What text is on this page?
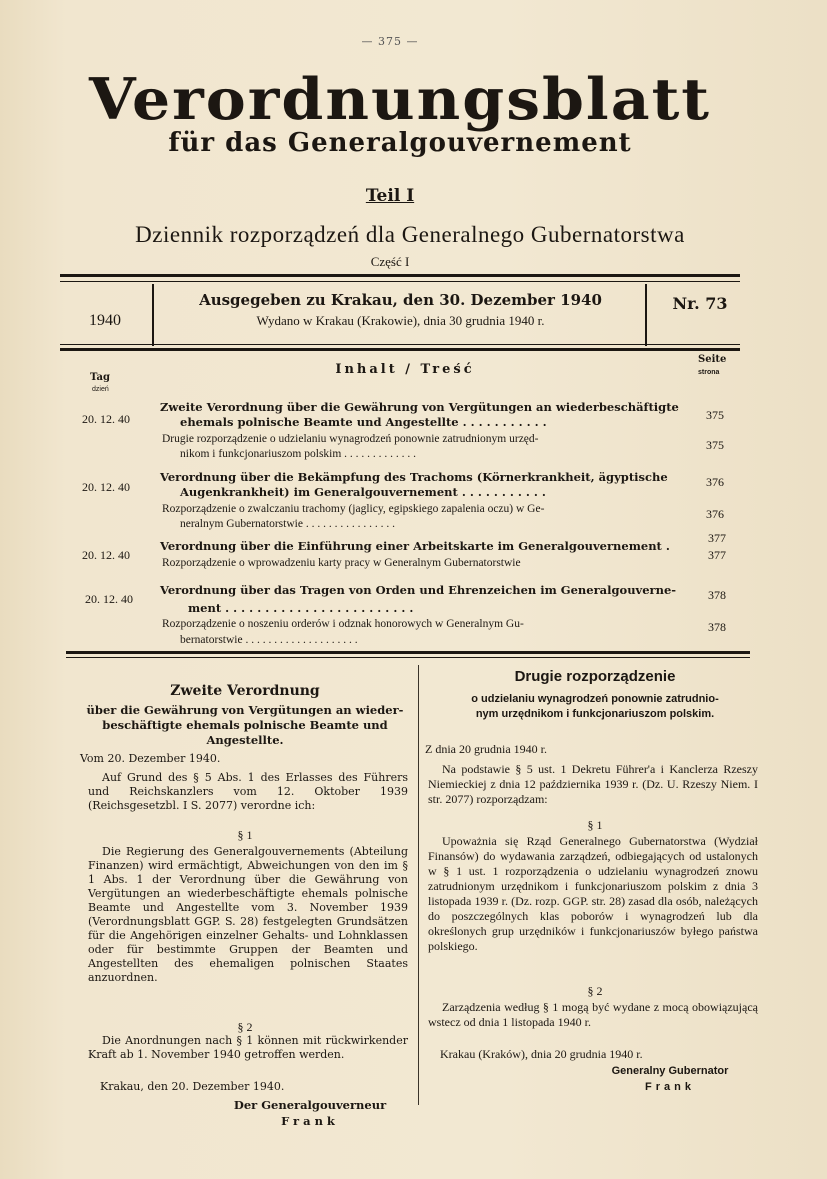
— 375 —
Verordnungsblatt
für das Generalgouvernement
Teil I
Dziennik rozporządzeń dla Generalnego Gubernatorstwa
Część I
1940
Ausgegeben zu Krakau, den 30. Dezember 1940
Wydano w Krakau (Krakowie), dnia 30 grudnia 1940 r.
Nr. 73
Tag
dzień
Inhalt / Treść
Seite
strona
20. 12. 40
Zweite Verordnung über die Gewährung von Vergütungen an wiederbeschäftigte
ehemals polnische Beamte und Angestellte . . . . . . . . . . .	375
Drugie rozporządzenie o udzielaniu wynagrodzeń ponownie zatrudnionym urzęd-
nikom i funkcjonariuszom polskim . . . . . . . . . . . . .
375
20. 12. 40
Verordnung über die Bekämpfung des Trachoms (Körnerkrankheit, ägyptische
Augenkrankheit) im Generalgouvernement . . . . . . . . . . .
376
Rozporządzenie o zwalczaniu trachomy (jaglicy, egipskiego zapalenia oczu) w Ge-
neralnym Gubernatorstwie . . . . . . . . . . . . . . . .
376
20. 12. 40
Verordnung über die Einführung einer Arbeitskarte im Generalgouvernement .
377
Rozporządzenie o wprowadzeniu karty pracy w Generalnym Gubernatorstwie
377
20. 12. 40
Verordnung über das Tragen von Orden und Ehrenzeichen im Generalgouverne-
ment . . . . . . . . . . . . . . . . . . . . . . . .
378
Rozporządzenie o noszeniu orderów i odznak honorowych w Generalnym Gu-
bernatorstwie . . . . . . . . . . . . . . . . . . . .
378
Zweite Verordnung
über die Gewährung von Vergütungen an wieder-
beschäftigte ehemals polnische Beamte und
Angestellte.
Vom 20. Dezember 1940.
Auf Grund des § 5 Abs. 1 des Erlasses des Führers und Reichskanzlers vom 12. Oktober 1939 (Reichsgesetzbl. I S. 2077) verordne ich:
§ 1
Die Regierung des Generalgouvernements (Abteilung Finanzen) wird ermächtigt, Abweichungen von den im § 1 Abs. 1 der Verordnung über die Gewährung von Vergütungen an wiederbeschäftigte ehemals polnische Beamte und Angestellte vom 3. November 1939 (Verordnungsblatt GGP. S. 28) festgelegten Grundsätzen für die Angehörigen einzelner Gehalts- und Lohnklassen oder für bestimmte Gruppen der Beamten und Angestellten des ehemaligen polnischen Staates anzuordnen.
§ 2
Die Anordnungen nach § 1 können mit rückwirkender Kraft ab 1. November 1940 getroffen werden.
Krakau, den 20. Dezember 1940.
Der Generalgouverneur
Frank
Drugie rozporządzenie
o udzielaniu wynagrodzeń ponownie zatrudnio-
nym urzędnikom i funkcjonariuszom polskim.
Z dnia 20 grudnia 1940 r.
Na podstawie § 5 ust. 1 Dekretu Führer'a i Kanclerza Rzeszy Niemieckiej z dnia 12 października 1939 r. (Dz. U. Rzeszy Niem. I str. 2077) rozporządzam:
§ 1
Upoważnia się Rząd Generalnego Gubernatorstwa (Wydział Finansów) do wydawania zarządzeń, odbiegających od ustalonych w § 1 ust. 1 rozporządzenia o udzielaniu wynagrodzeń znowu zatrudnionym urzędnikom i funkcjonariuszom polskim z dnia 3 listopada 1939 r. (Dz. rozp. GGP. str. 28) zasad dla osób, należących do poszczególnych klas poborów i wynagrodzeń lub dla określonych grup urzędników i funkcjonariuszów byłego państwa polskiego.
§ 2
Zarządzenia według § 1 mogą być wydane z mocą obowiązującą wstecz od dnia 1 listopada 1940 r.
Krakau (Kraków), dnia 20 grudnia 1940 r.
Generalny Gubernator
Frank
